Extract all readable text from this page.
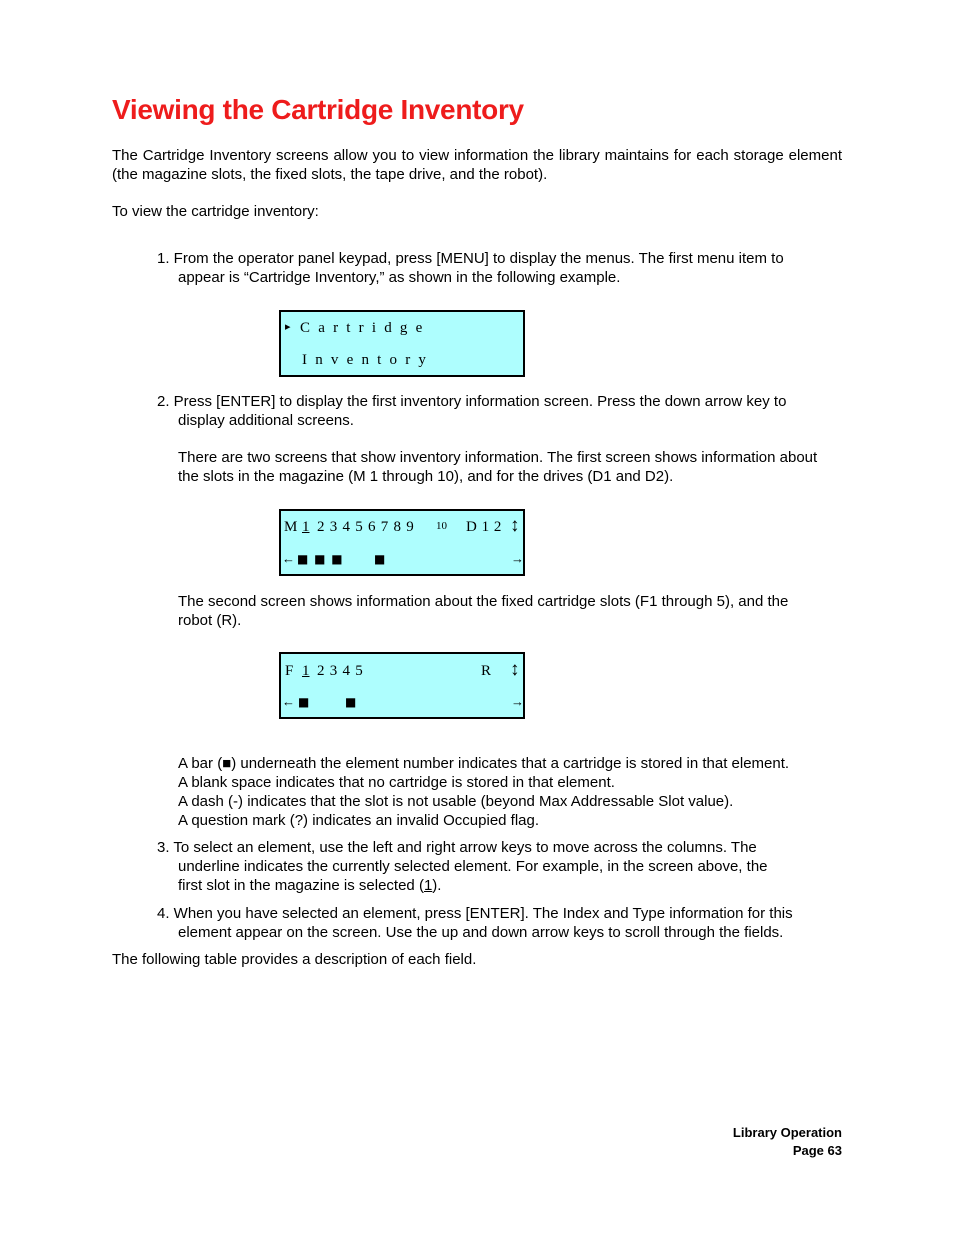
Viewing the Cartridge Inventory

The Cartridge Inventory screens allow you to view information the library maintains for each storage element (the magazine slots, the fixed slots, the tape drive, and the robot).

To view the cartridge inventory:

1. From the operator panel keypad, press [MENU] to display the menus. The first menu item to
appear is “Cartridge Inventory,” as shown in the following example.
▸ Cartridge
Inventory
2. Press [ENTER] to display the first inventory information screen. Press the down arrow key to
display additional screens.

There are two screens that show inventory information. The first screen shows information about the slots in the magazine (M 1 through 10), and for the drives (D1 and D2).

M 1 2 3 4 5 6 7 8 9 10 D 1 2 ↕
← ■ ■ ■	■	→

The second screen shows information about the fixed cartridge slots (F1 through 5), and the robot (R).

F 1 2 3 4 5	R ↕
← ■	■	→
A bar (■) underneath the element number indicates that a cartridge is stored in that element.
A blank space indicates that no cartridge is stored in that element.
A dash (-) indicates that the slot is not usable (beyond Max Addressable Slot value).
A question mark (?) indicates an invalid Occupied flag.
3. To select an element, use the left and right arrow keys to move across the columns. The
underline indicates the currently selected element. For example, in the screen above, the
first slot in the magazine is selected (1).
4. When you have selected an element, press [ENTER]. The Index and Type information for this
element appear on the screen. Use the up and down arrow keys to scroll through the fields.

The following table provides a description of each field.

Library Operation
Page 63
